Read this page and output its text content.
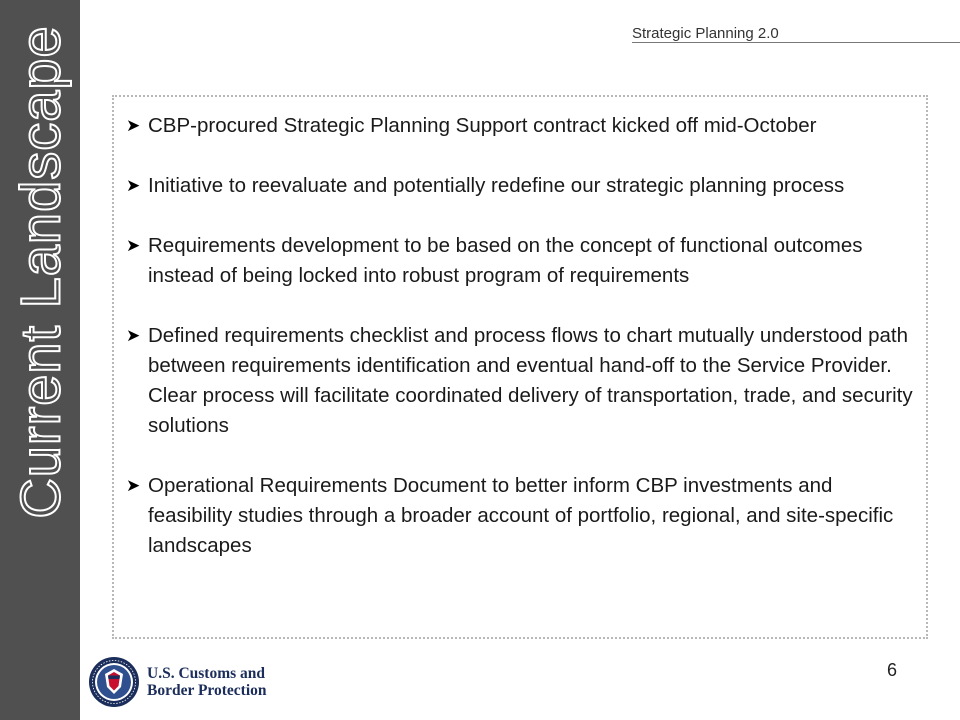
Current Landscape	Strategic Planning 2.0
➤ CBP-procured Strategic Planning Support contract kicked off mid-October
➤ Initiative to reevaluate and potentially redefine our strategic planning process
➤ Requirements development to be based on the concept of functional outcomes instead of being locked into robust program of requirements
➤ Defined requirements checklist and process flows to chart mutually understood path between requirements identification and eventual hand-off to the Service Provider. Clear process will facilitate coordinated delivery of transportation, trade, and security solutions
➤ Operational Requirements Document to better inform CBP investments and feasibility studies through a broader account of portfolio, regional, and site-specific landscapes
U.S. Customs and
Border Protection
6
